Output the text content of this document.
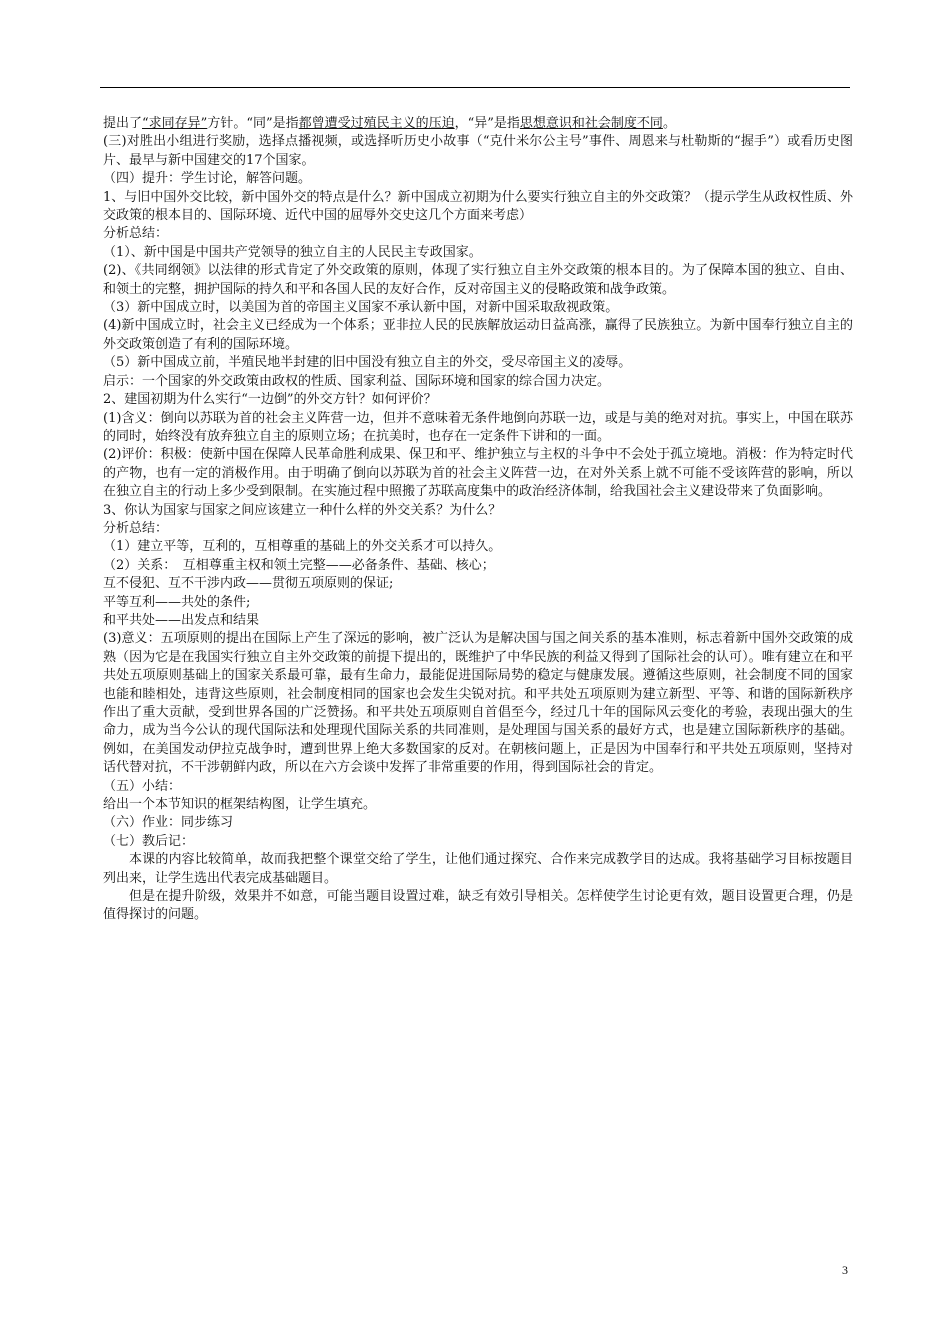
提出了“求同存异”方针。“同”是指都曾遭受过殖民主义的压迫，“异”是指思想意识和社会制度不同。

(三)对胜出小组进行奖励，选择点播视频，或选择听历史小故事（“克什米尔公主号”事件、周恩来与杜勒斯的“握手”）或看历史图片、最早与新中国建交的17个国家。

（四）提升：学生讨论，解答问题。

1、与旧中国外交比较，新中国外交的特点是什么？新中国成立初期为什么要实行独立自主的外交政策？（提示学生从政权性质、外交政策的根本目的、国际环境、近代中国的屈辱外交史这几个方面来考虑）

分析总结：

（1）、新中国是中国共产党领导的独立自主的人民民主专政国家。

(2)、《共同纲领》以法律的形式肯定了外交政策的原则，体现了实行独立自主外交政策的根本目的。为了保障本国的独立、自由、和领土的完整，拥护国际的持久和平和各国人民的友好合作，反对帝国主义的侵略政策和战争政策。

（3）新中国成立时，以美国为首的帝国主义国家不承认新中国，对新中国采取敌视政策。

(4)新中国成立时，社会主义已经成为一个体系；亚非拉人民的民族解放运动日益高涨，赢得了民族独立。为新中国奉行独立自主的外交政策创造了有利的国际环境。

（5）新中国成立前，半殖民地半封建的旧中国没有独立自主的外交，受尽帝国主义的凌辱。

启示：一个国家的外交政策由政权的性质、国家利益、国际环境和国家的综合国力决定。

2、建国初期为什么实行“一边倒”的外交方针？如何评价？

(1)含义：倒向以苏联为首的社会主义阵营一边，但并不意味着无条件地倒向苏联一边，或是与美的绝对对抗。事实上，中国在联苏的同时，始终没有放弃独立自主的原则立场；在抗美时，也存在一定条件下讲和的一面。

(2)评价：积极：使新中国在保障人民革命胜利成果、保卫和平、维护独立与主权的斗争中不会处于孤立境地。消极：作为特定时代的产物，也有一定的消极作用。由于明确了倒向以苏联为首的社会主义阵营一边，在对外关系上就不可能不受该阵营的影响，所以在独立自主的行动上多少受到限制。在实施过程中照搬了苏联高度集中的政治经济体制，给我国社会主义建设带来了负面影响。

3、你认为国家与国家之间应该建立一种什么样的外交关系？为什么？

分析总结：

（1）建立平等，互利的，互相尊重的基础上的外交关系才可以持久。

（2）关系：　互相尊重主权和领土完整——必备条件、基础、核心；

互不侵犯、互不干涉内政——贯彻五项原则的保证;

平等互利——共处的条件;

和平共处——出发点和结果

(3)意义：五项原则的提出在国际上产生了深远的影响，被广泛认为是解决国与国之间关系的基本准则，标志着新中国外交政策的成熟（因为它是在我国实行独立自主外交政策的前提下提出的，既维护了中华民族的利益又得到了国际社会的认可）。唯有建立在和平共处五项原则基础上的国家关系最可靠，最有生命力，最能促进国际局势的稳定与健康发展。遵循这些原则，社会制度不同的国家也能和睦相处，违背这些原则，社会制度相同的国家也会发生尖锐对抗。和平共处五项原则为建立新型、平等、和谐的国际新秩序作出了重大贡献，受到世界各国的广泛赞扬。和平共处五项原则自首倡至今，经过几十年的国际风云变化的考验，表现出强大的生命力，成为当今公认的现代国际法和处理现代国际关系的共同准则，是处理国与国关系的最好方式，也是建立国际新秩序的基础。例如，在美国发动伊拉克战争时，遭到世界上绝大多数国家的反对。在朝核问题上，正是因为中国奉行和平共处五项原则，坚持对话代替对抗，不干涉朝鲜内政，所以在六方会谈中发挥了非常重要的作用，得到国际社会的肯定。

（五）小结：

给出一个本节知识的框架结构图，让学生填充。

（六）作业：同步练习

（七）教后记：

本课的内容比较简单，故而我把整个课堂交给了学生，让他们通过探究、合作来完成教学目的达成。我将基础学习目标按题目列出来，让学生选出代表完成基础题目。

但是在提升阶级，效果并不如意，可能当题目设置过难，缺乏有效引导相关。怎样使学生讨论更有效，题目设置更合理，仍是值得探讨的问题。

3
